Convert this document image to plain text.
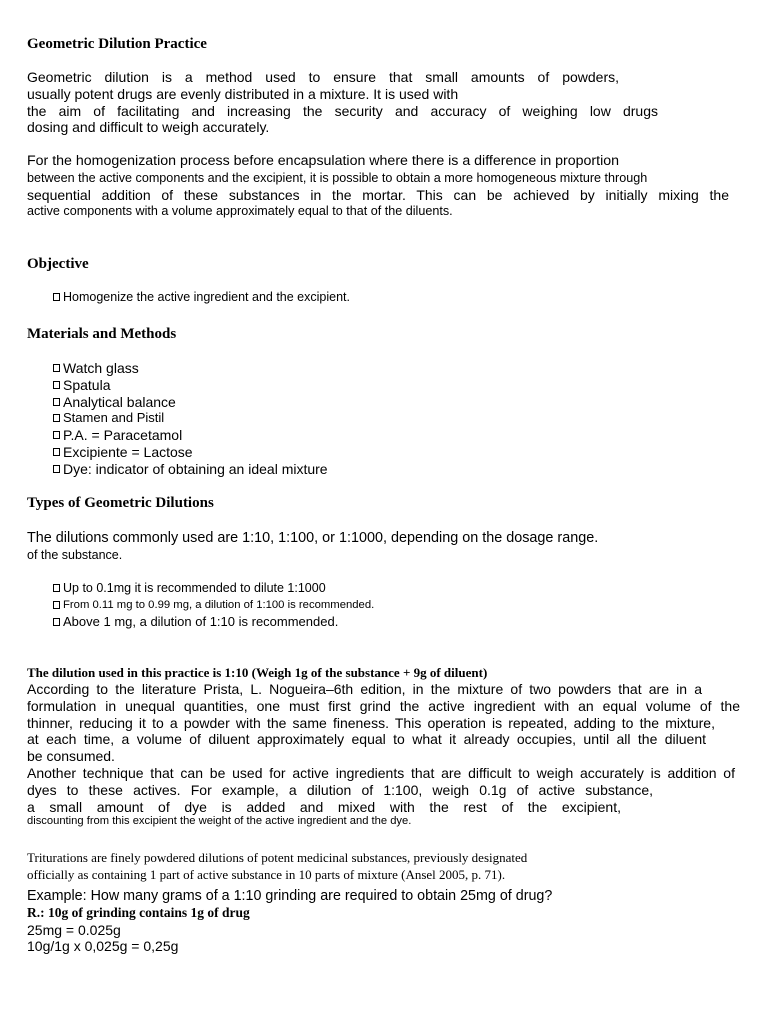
Geometric Dilution Practice
Geometric dilution is a method used to ensure that small amounts of powders,
usually potent drugs are evenly distributed in a mixture. It is used with
the aim of facilitating and increasing the security and accuracy of weighing low drugs
dosing and difficult to weigh accurately.
For the homogenization process before encapsulation where there is a difference in proportion
between the active components and the excipient, it is possible to obtain a more homogeneous mixture through
sequential addition of these substances in the mortar. This can be achieved by initially mixing the
active components with a volume approximately equal to that of the diluents.
Objective
Homogenize the active ingredient and the excipient.
Materials and Methods
Watch glass
Spatula
Analytical balance
Stamen and Pistil
P.A. = Paracetamol
Excipiente = Lactose
Dye: indicator of obtaining an ideal mixture
Types of Geometric Dilutions
The dilutions commonly used are 1:10, 1:100, or 1:1000, depending on the dosage range.
of the substance.
Up to 0.1mg it is recommended to dilute 1:1000
From 0.11 mg to 0.99 mg, a dilution of 1:100 is recommended.
Above 1 mg, a dilution of 1:10 is recommended.
The dilution used in this practice is 1:10 (Weigh 1g of the substance + 9g of diluent)
According to the literature Prista, L. Nogueira–6th edition, in the mixture of two powders that are in a
formulation in unequal quantities, one must first grind the active ingredient with an equal volume of the
thinner, reducing it to a powder with the same fineness. This operation is repeated, adding to the mixture,
at each time, a volume of diluent approximately equal to what it already occupies, until all the diluent
be consumed.
Another technique that can be used for active ingredients that are difficult to weigh accurately is addition of
dyes to these actives. For example, a dilution of 1:100, weigh 0.1g of active substance,
a small amount of dye is added and mixed with the rest of the excipient,
discounting from this excipient the weight of the active ingredient and the dye.
Triturations are finely powdered dilutions of potent medicinal substances, previously designated
officially as containing 1 part of active substance in 10 parts of mixture (Ansel 2005, p. 71).
Example: How many grams of a 1:10 grinding are required to obtain 25mg of drug?
R.: 10g of grinding contains 1g of drug
25mg = 0.025g
10g/1g x 0,025g = 0,25g
